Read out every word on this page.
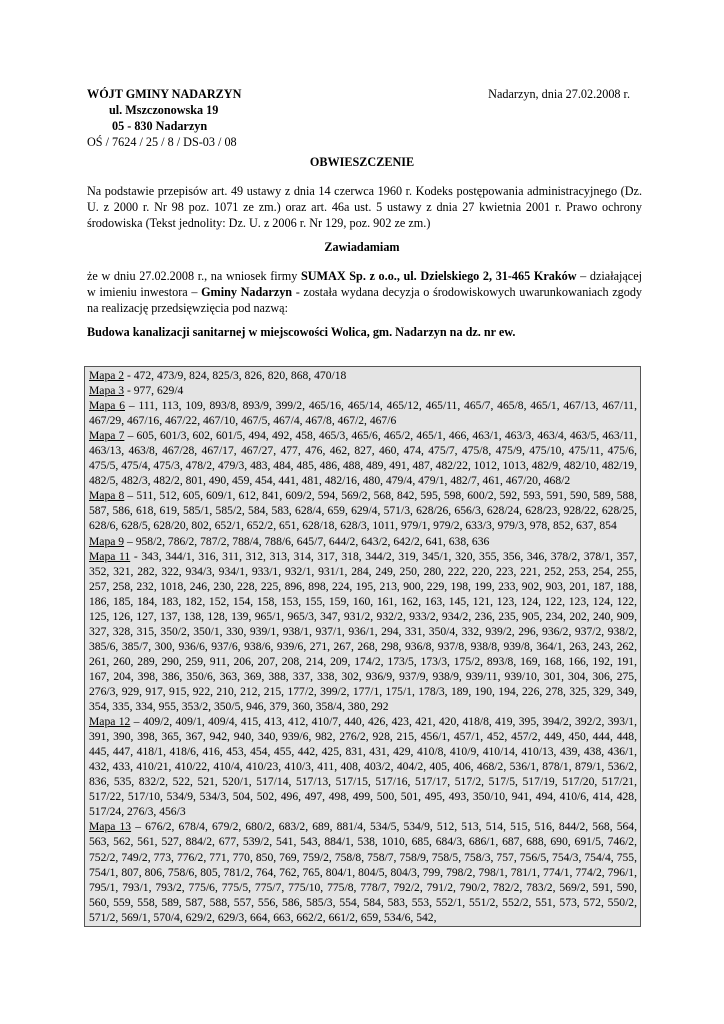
WÓJT GMINY NADARZYN
ul. Mszczonowska 19
05 - 830 Nadarzyn
OŚ / 7624 / 25 / 8 / DS-03 / 08
Nadarzyn, dnia 27.02.2008 r.
OBWIESZCZENIE
Na podstawie przepisów art. 49 ustawy z dnia 14 czerwca 1960 r. Kodeks postępowania administracyjnego (Dz. U. z 2000 r. Nr 98 poz. 1071 ze zm.) oraz art. 46a ust. 5 ustawy z dnia 27 kwietnia 2001 r. Prawo ochrony środowiska (Tekst jednolity: Dz. U. z 2006 r. Nr 129, poz. 902 ze zm.)
Zawiadamiam
że w dniu 27.02.2008 r., na wniosek firmy SUMAX Sp. z o.o., ul. Dzielskiego 2, 31-465 Kraków – działającej w imieniu inwestora – Gminy Nadarzyn - została wydana decyzja o środowiskowych uwarunkowaniach zgody na realizację przedsięwzięcia pod nazwą:
Budowa kanalizacji sanitarnej w miejscowości Wolica, gm. Nadarzyn na dz. nr ew.

Mapa 2 - 472, 473/9, 824, 825/3, 826, 820, 868, 470/18

Mapa 3 - 977, 629/4

Mapa 6 – 111, 113, 109, 893/8, 893/9, 399/2, 465/16, 465/14, 465/12, 465/11, 465/7, 465/8, 465/1, 467/13, 467/11, 467/29, 467/16, 467/22, 467/10, 467/5, 467/4, 467/8, 467/2, 467/6

Mapa 7 – 605, 601/3, 602, 601/5, 494, 492, 458, 465/3, 465/6, 465/2, 465/1, 466, 463/1, 463/3, 463/4, 463/5, 463/11, 463/13, 463/8, 467/28, 467/17, 467/27, 477, 476, 462, 827, 460, 474, 475/7, 475/8, 475/9, 475/10, 475/11, 475/6, 475/5, 475/4, 475/3, 478/2, 479/3, 483, 484, 485, 486, 488, 489, 491, 487, 482/22, 1012, 1013, 482/9, 482/10, 482/19, 482/5, 482/3, 482/2, 801, 490, 459, 454, 441, 481, 482/16, 480, 479/4, 479/1, 482/7, 461, 467/20, 468/2

Mapa 8 – 511, 512, 605, 609/1, 612, 841, 609/2, 594, 569/2, 568, 842, 595, 598, 600/2, 592, 593, 591, 590, 589, 588, 587, 586, 618, 619, 585/1, 585/2, 584, 583, 628/4, 659, 629/4, 571/3, 628/26, 656/3, 628/24, 628/23, 928/22, 628/25, 628/6, 628/5, 628/20, 802, 652/1, 652/2, 651, 628/18, 628/3, 1011, 979/1, 979/2, 633/3, 979/3, 978, 852, 637, 854

Mapa 9 – 958/2, 786/2, 787/2, 788/4, 788/6, 645/7, 644/2, 643/2, 642/2, 641, 638, 636

Mapa 11 - 343, 344/1, 316, 311, 312, 313, 314, 317, 318, 344/2, 319, 345/1, 320, 355, 356, 346, 378/2, 378/1, 357, 352, 321, 282, 322, 934/3, 934/1, 933/1, 932/1, 931/1, 284, 249, 250, 280, 222, 220, 223, 221, 252, 253, 254, 255, 257, 258, 232, 1018, 246, 230, 228, 225, 896, 898, 224, 195, 213, 900, 229, 198, 199, 233, 902, 903, 201, 187, 188, 186, 185, 184, 183, 182, 152, 154, 158, 153, 155, 159, 160, 161, 162, 163, 145, 121, 123, 124, 122, 123, 124, 122, 125, 126, 127, 137, 138, 128, 139, 965/1, 965/3, 347, 931/2, 932/2, 933/2, 934/2, 236, 235, 905, 234, 202, 240, 909, 327, 328, 315, 350/2, 350/1, 330, 939/1, 938/1, 937/1, 936/1, 294, 331, 350/4, 332, 939/2, 296, 936/2, 937/2, 938/2, 385/6, 385/7, 300, 936/6, 937/6, 938/6, 939/6, 271, 267, 268, 298, 936/8, 937/8, 938/8, 939/8, 364/1, 263, 243, 262, 261, 260, 289, 290, 259, 911, 206, 207, 208, 214, 209, 174/2, 173/5, 173/3, 175/2, 893/8, 169, 168, 166, 192, 191, 167, 204, 398, 386, 350/6, 363, 369, 388, 337, 338, 302, 936/9, 937/9, 938/9, 939/11, 939/10, 301, 304, 306, 275, 276/3, 929, 917, 915, 922, 210, 212, 215, 177/2, 399/2, 177/1, 175/1, 178/3, 189, 190, 194, 226, 278, 325, 329, 349, 354, 335, 334, 955, 353/2, 350/5, 946, 379, 360, 358/4, 380, 292

Mapa 12 – 409/2, 409/1, 409/4, 415, 413, 412, 410/7, 440, 426, 423, 421, 420, 418/8, 419, 395, 394/2, 392/2, 393/1, 391, 390, 398, 365, 367, 942, 940, 340, 939/6, 982, 276/2, 928, 215, 456/1, 457/1, 452, 457/2, 449, 450, 444, 448, 445, 447, 418/1, 418/6, 416, 453, 454, 455, 442, 425, 831, 431, 429, 410/8, 410/9, 410/14, 410/13, 439, 438, 436/1, 432, 433, 410/21, 410/22, 410/4, 410/23, 410/3, 411, 408, 403/2, 404/2, 405, 406, 468/2, 536/1, 878/1, 879/1, 536/2, 836, 535, 832/2, 522, 521, 520/1, 517/14, 517/13, 517/15, 517/16, 517/17, 517/2, 517/5, 517/19, 517/20, 517/21, 517/22, 517/10, 534/9, 534/3, 504, 502, 496, 497, 498, 499, 500, 501, 495, 493, 350/10, 941, 494, 410/6, 414, 428, 517/24, 276/3, 456/3

Mapa 13 – 676/2, 678/4, 679/2, 680/2, 683/2, 689, 881/4, 534/5, 534/9, 512, 513, 514, 515, 516, 844/2, 568, 564, 563, 562, 561, 527, 884/2, 677, 539/2, 541, 543, 884/1, 538, 1010, 685, 684/3, 686/1, 687, 688, 690, 691/5, 746/2, 752/2, 749/2, 773, 776/2, 771, 770, 850, 769, 759/2, 758/8, 758/7, 758/9, 758/5, 758/3, 757, 756/5, 754/3, 754/4, 755, 754/1, 807, 806, 758/6, 805, 781/2, 764, 762, 765, 804/1, 804/5, 804/3, 799, 798/2, 798/1, 781/1, 774/1, 774/2, 796/1, 795/1, 793/1, 793/2, 775/6, 775/5, 775/7, 775/10, 775/8, 778/7, 792/2, 791/2, 790/2, 782/2, 783/2, 569/2, 591, 590, 560, 559, 558, 589, 587, 588, 557, 556, 586, 585/3, 554, 584, 583, 553, 552/1, 551/2, 552/2, 551, 573, 572, 550/2, 571/2, 569/1, 570/4, 629/2, 629/3, 664, 663, 662/2, 661/2, 659, 534/6, 542,
